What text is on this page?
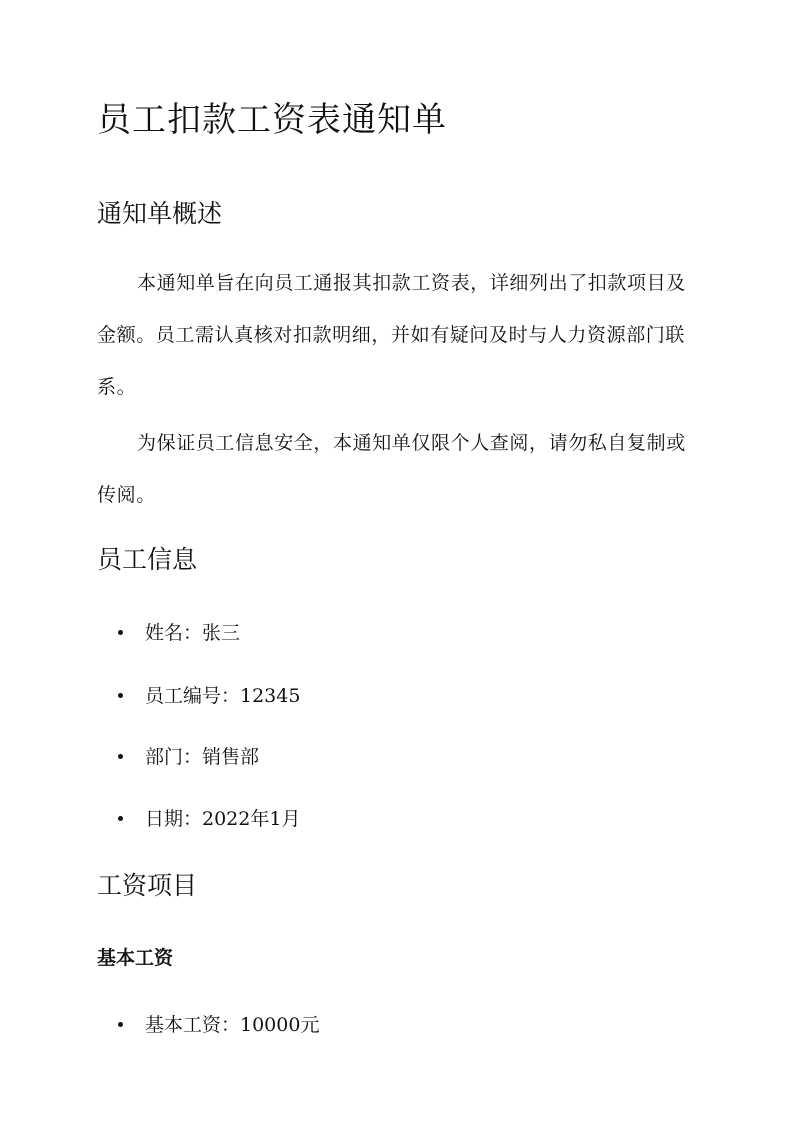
员工扣款工资表通知单
通知单概述

本通知单旨在向员工通报其扣款工资表，详细列出了扣款项目及金额。员工需认真核对扣款明细，并如有疑问及时与人力资源部门联系。

为保证员工信息安全，本通知单仅限个人查阅，请勿私自复制或传阅。

员工信息
姓名：张三
员工编号：12345
部门：销售部
日期：2022年1月
工资项目
基本工资
基本工资：10000元
